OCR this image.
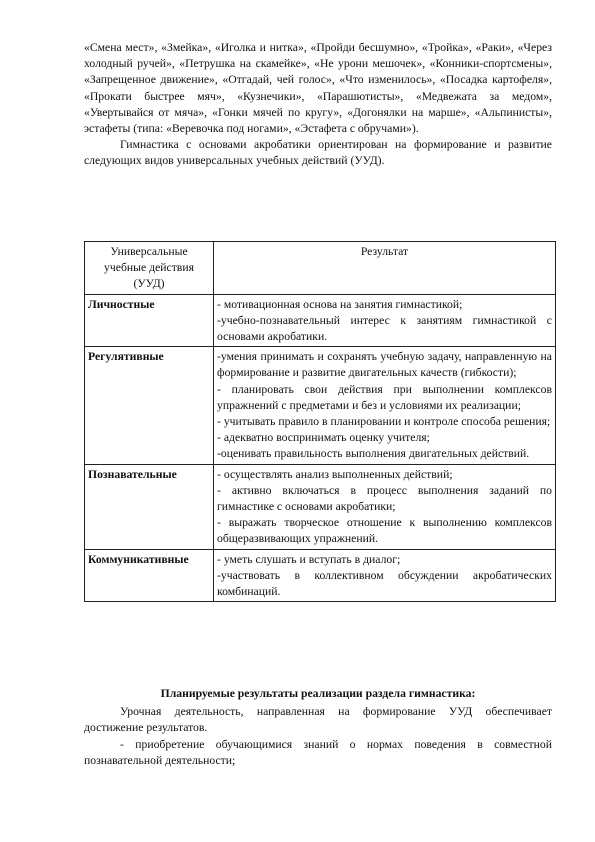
«Смена мест», «Змейка», «Иголка и нитка», «Пройди бесшумно», «Тройка», «Раки», «Через холодный ручей», «Петрушка на скамейке», «Не урони мешочек», «Конники-спортсмены», «Запрещенное движение», «Отгадай, чей голос», «Что изменилось», «Посадка картофеля», «Прокати быстрее мяч», «Кузнечики», «Парашютисты», «Медвежата за медом», «Увертывайся от мяча», «Гонки мячей по кругу», «Догонялки на марше», «Альпинисты», эстафеты (типа: «Веревочка под ногами», «Эстафета с обручами»).

Гимнастика с основами акробатики ориентирован на формирование и развитие следующих видов универсальных учебных действий (УУД).

Универсальные учебные действия (УУД)	Результат
Личностные	- мотивационная основа на занятия гимнастикой;
-учебно-познавательный интерес к занятиям гимнастикой с основами акробатики.

Регулятивные	-умения принимать и сохранять учебную задачу, направленную на формирование и развитие двигательных качеств (гибкости);
- планировать свои действия при выполнении комплексов упражнений с предметами и без и условиями их реализации;
- учитывать правило в планировании и контроле способа решения;
- адекватно воспринимать оценку учителя;
-оценивать правильность выполнения двигательных действий.

Познавательные	- осуществлять анализ выполненных действий;
- активно включаться в процесс выполнения заданий по гимнастике с основами акробатики;
- выражать творческое отношение к выполнению комплексов общеразвивающих упражнений.

Коммуникативные	- уметь слушать и вступать в диалог;
-участвовать в коллективном обсуждении акробатических комбинаций.

Планируемые результаты реализации раздела гимнастика:

Урочная деятельность, направленная на формирование УУД обеспечивает достижение результатов.

- приобретение обучающимися знаний о нормах поведения в совместной познавательной деятельности;
